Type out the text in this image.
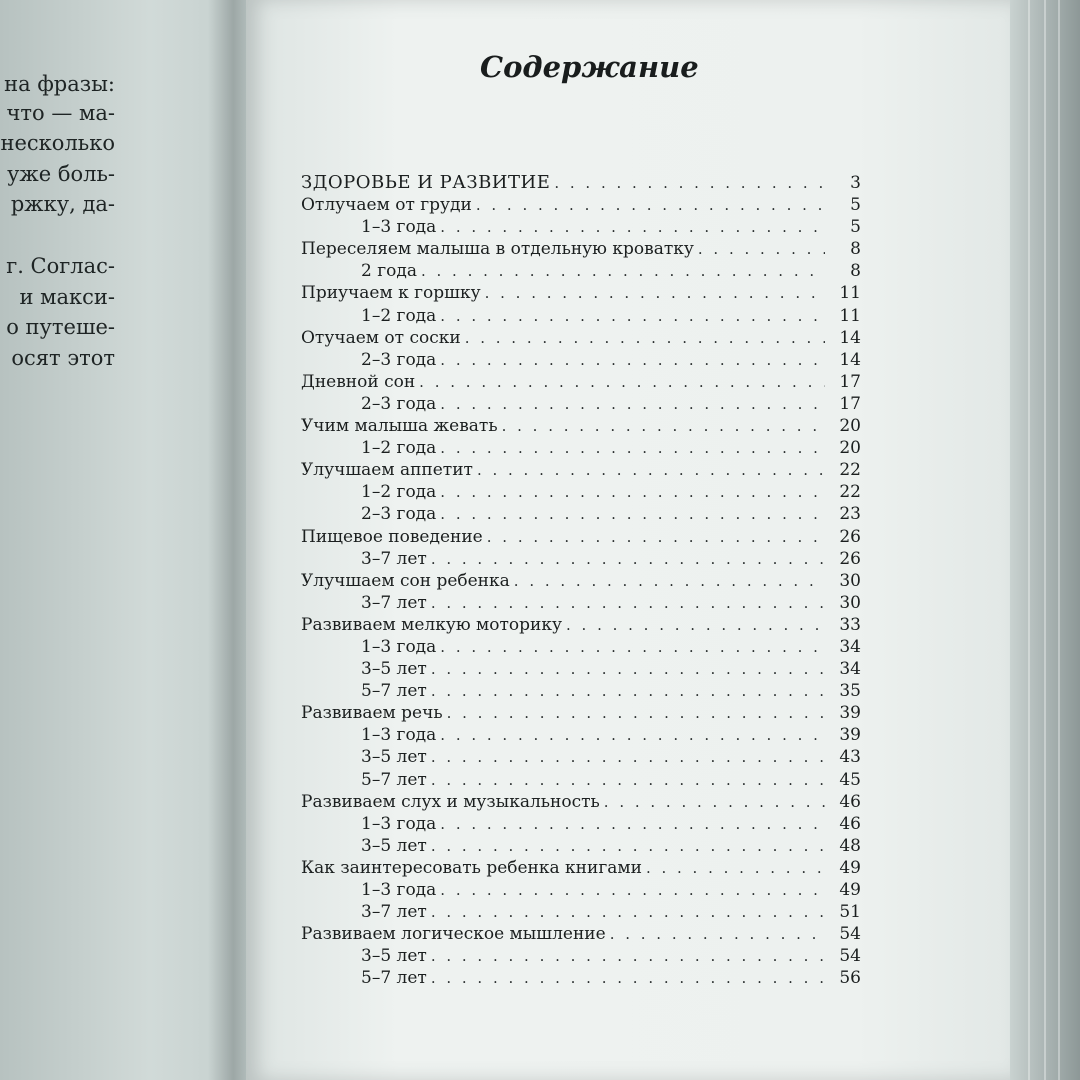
на фразы:
что — ма-
несколько
уже боль-
ржку, да-
г. Соглас-
и макси-
о путеше-
осят этот
Содержание
ЗДОРОВЬЕ И РАЗВИТИЕ . . .	3
Отлучаем от груди . . .	5
1–3 года . . .	5
Переселяем малыша в отдельную кроватку . . .	8
2 года . . .	8
Приучаем к горшку . . .	11
1–2 года . . .	11
Отучаем от соски . . .	14
2–3 года . . .	14
Дневной сон . . .	17
2–3 года . . .	17
Учим малыша жевать . . .	20
1–2 года . . .	20
Улучшаем аппетит . . .	22
1–2 года . . .	22
2–3 года . . .	23
Пищевое поведение . . .	26
3–7 лет . . .	26
Улучшаем сон ребенка . . .	30
3–7 лет . . .	30
Развиваем мелкую моторику . . .	33
1–3 года . . .	34
3–5 лет . . .	34
5–7 лет . . .	35
Развиваем речь . . .	39
1–3 года . . .	39
3–5 лет . . .	43
5–7 лет . . .	45
Развиваем слух и музыкальность . . .	46
1–3 года . . .	46
3–5 лет . . .	48
Как заинтересовать ребенка книгами . . .	49
1–3 года . . .	49
3–7 лет . . .	51
Развиваем логическое мышление . . .	54
3–5 лет . . .	54
5–7 лет . . .	56
